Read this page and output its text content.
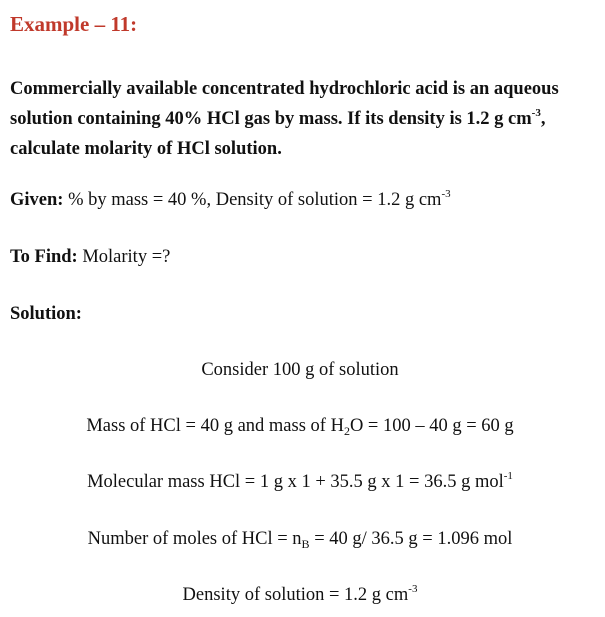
Example – 11:
Commercially available concentrated hydrochloric acid is an aqueous solution containing 40% HCl gas by mass. If its density is 1.2 g $cm^{-3}$, calculate molarity of HCl solution.
Given: % by mass = 40 %, Density of solution = 1.2 g $cm^{-3}$
To Find: Molarity =?
Solution:
Consider 100 g of solution
Mass of HCl = 40 g and mass of $H_2O = 100 - 40$ g = 60 g
Molecular mass HCl = 1 g x 1 + 35.5 g x 1 = 36.5 g mol$^{-1}$
Number of moles of HCl = $n_B = 40$ g/ 36.5 g = 1.096 mol
Density of solution = 1.2 g $cm^{-3}$
